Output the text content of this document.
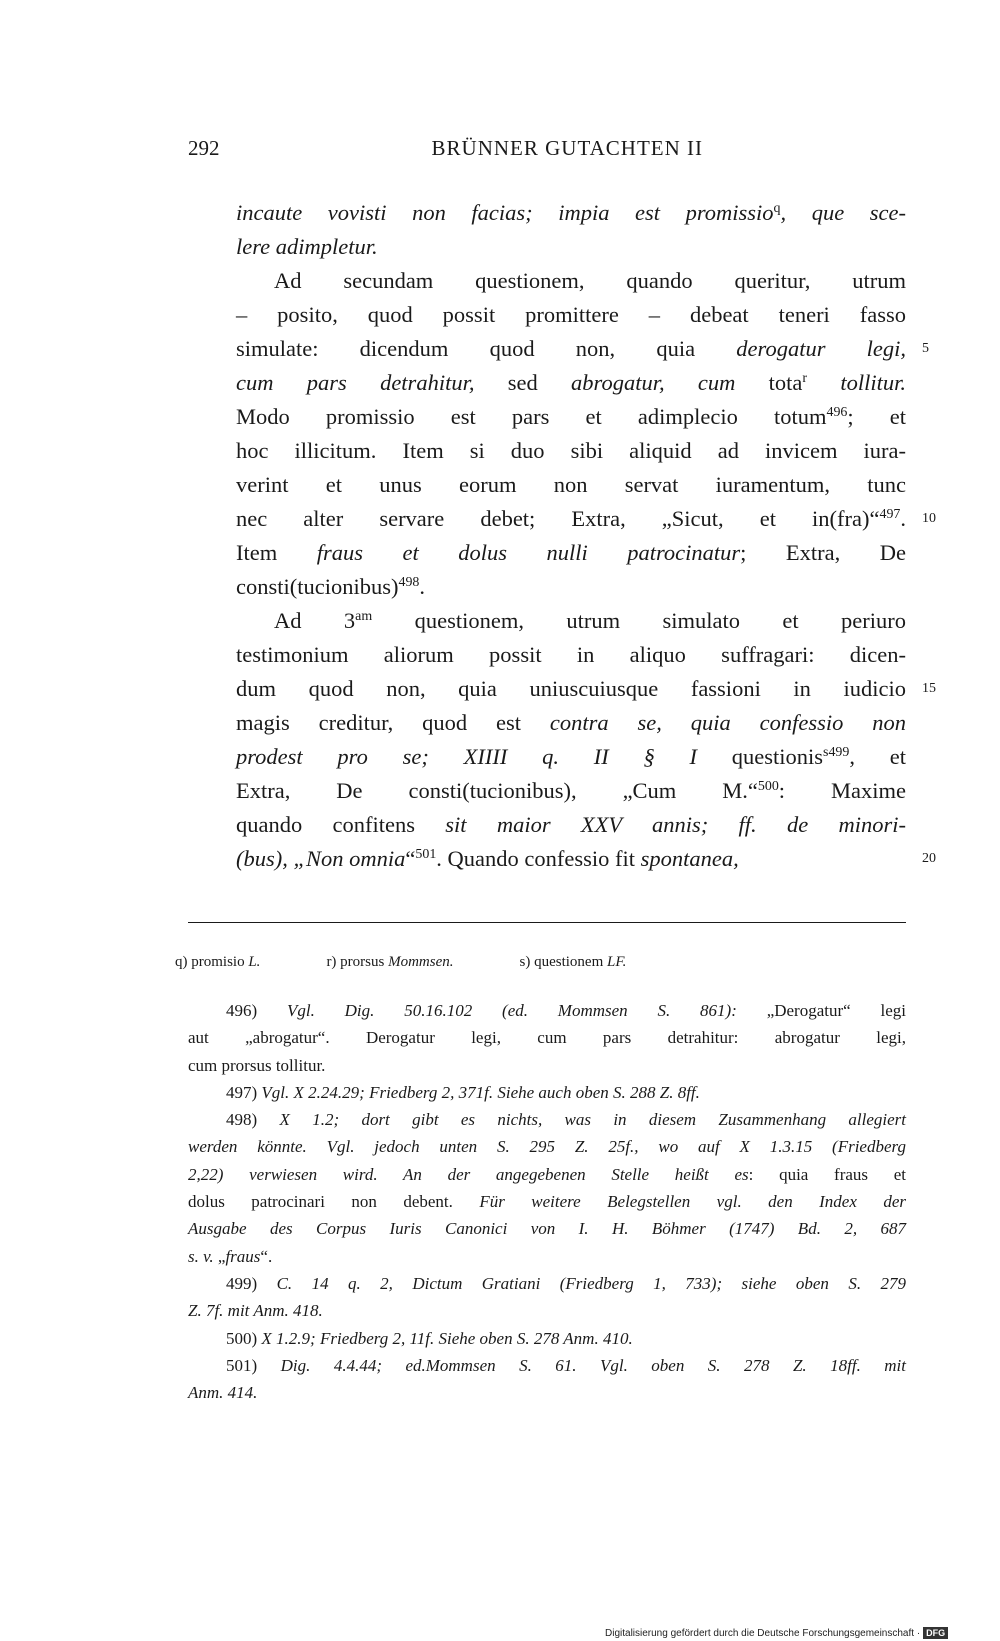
292	BRÜNNER GUTACHTEN II
incaute vovisti non facias; impia est promissio$^q$, que sce-
lere adimpletur.
Ad secundam questionem, quando queritur, utrum
– posito, quod possit promittere – debeat teneri fasso
simulate: dicendum quod non, quia derogatur legi, 5
cum pars detrahitur, sed abrogatur, cum tota$^r$ tollitur.
Modo promissio est pars et adimplecio totum$^{496}$; et
hoc illicitum. Item si duo sibi aliquid ad invicem iura-
verint et unus eorum non servat iuramentum, tunc
nec alter servare debet; Extra, „Sicut, et in(fra)“$^{497}$. 10
Item fraus et dolus nulli patrocinatur; Extra, De
consti(tucionibus)$^{498}$.
Ad $3^{am}$ questionem, utrum simulato et periuro
testimonium aliorum possit in aliquo suffragari: dicen-
dum quod non, quia uniuscuiusque fassioni in iudicio 15
magis creditur, quod est contra se, quia confessio non
prodest pro se; XIIII q. II § I questionis$^{s499}$, et
Extra, De consti(tucionibus), „Cum M.“$^{500}$: Maxime
quando confitens sit maior XXV annis; ff. de minori-
(bus), „Non omnia“$^{501}$. Quando confessio fit spontanea,	20
q) promisio L.	r) prorsus Mommsen.	s) questionem LF.
496) Vgl. Dig. 50.16.102 (ed. Mommsen S. 861): „Derogatur“ legi
aut „abrogatur“. Derogatur legi, cum pars detrahitur: abrogatur legi,
cum prorsus tollitur.
497) Vgl. X 2.24.29; Friedberg 2, 371f. Siehe auch oben S. 288 Z. 8ff.
498) X 1.2; dort gibt es nichts, was in diesem Zusammenhang allegiert
werden könnte. Vgl. jedoch unten S. 295 Z. 25f., wo auf X 1.3.15 (Friedberg
2,22) verwiesen wird. An der angegebenen Stelle heißt es: quia fraus et
dolus patrocinari non debent. Für weitere Belegstellen vgl. den Index der
Ausgabe des Corpus Iuris Canonici von I. H. Böhmer (1747) Bd. 2, 687
s. v. „fraus“.
499) C. 14 q. 2, Dictum Gratiani (Friedberg 1, 733); siehe oben S. 279
Z. 7f. mit Anm. 418.
500) X 1.2.9; Friedberg 2, 11f. Siehe oben S. 278 Anm. 410.
501) Dig. 4.4.44; ed.Mommsen S. 61. Vgl. oben S. 278 Z. 18ff. mit
Anm. 414.
Digitalisierung gefördert durch die Deutsche Forschungsgemeinschaft · DFG
